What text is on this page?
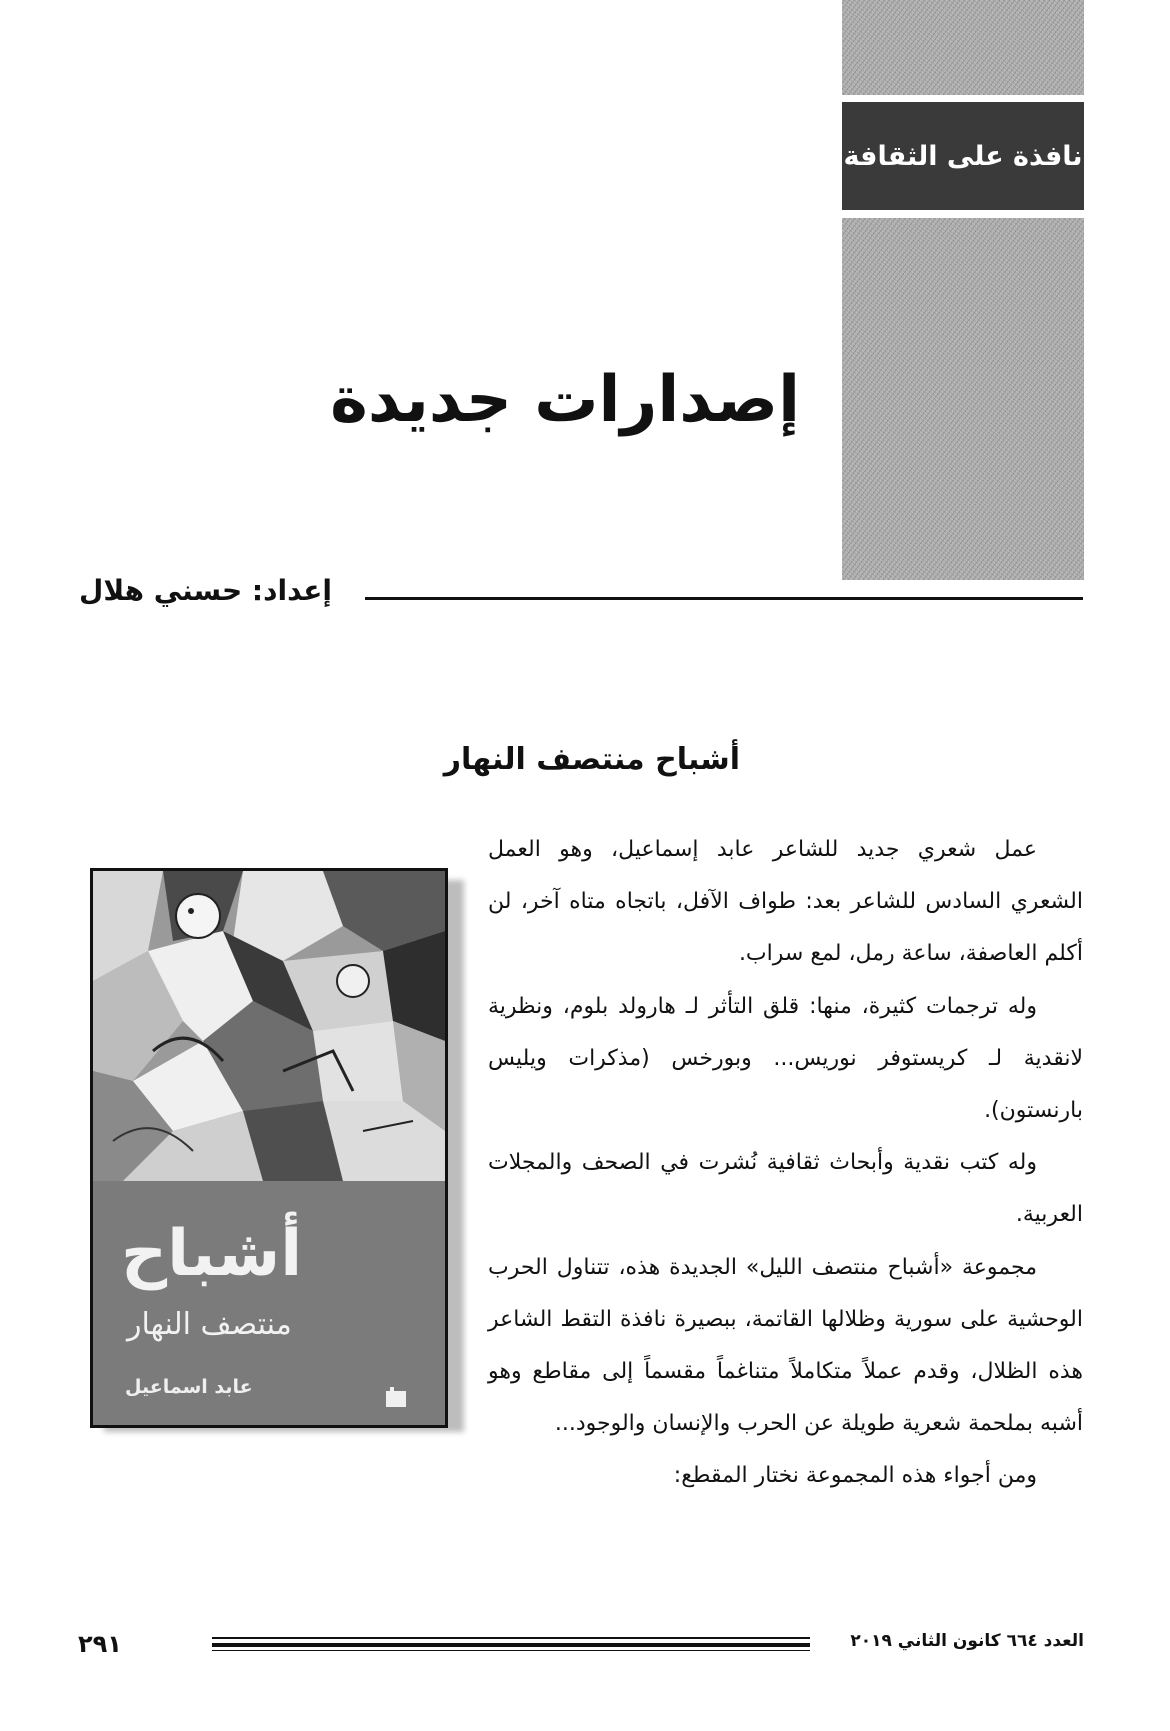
نافذة على الثقافة
إصدارات جديدة
إعداد: حسني هلال
أشباح منتصف النهار
أشباح
منتصف النهار
عابد اسماعيل

عمل شعري جديد للشاعر عابد إسماعيل، وهو العمل الشعري السادس للشاعر بعد: طواف الآفل، باتجاه متاه آخر، لن أكلم العاصفة، ساعة رمل، لمع سراب.

وله ترجمات كثيرة، منها: قلق التأثر لـ هارولد بلوم، ونظرية لانقدية لـ كريستوفر نوريس... وبورخس (مذكرات ويليس بارنستون).

وله كتب نقدية وأبحاث ثقافية نُشرت في الصحف والمجلات العربية.

مجموعة «أشباح منتصف الليل» الجديدة هذه، تتناول الحرب الوحشية على سورية وظلالها القاتمة، ببصيرة نافذة التقط الشاعر هذه الظلال، وقدم عملاً متكاملاً متناغماً مقسماً إلى مقاطع وهو أشبه بملحمة شعرية طويلة عن الحرب والإنسان والوجود...

ومن أجواء هذه المجموعة نختار المقطع:

٢٩١	العدد ٦٦٤ كانون الثاني ٢٠١٩
